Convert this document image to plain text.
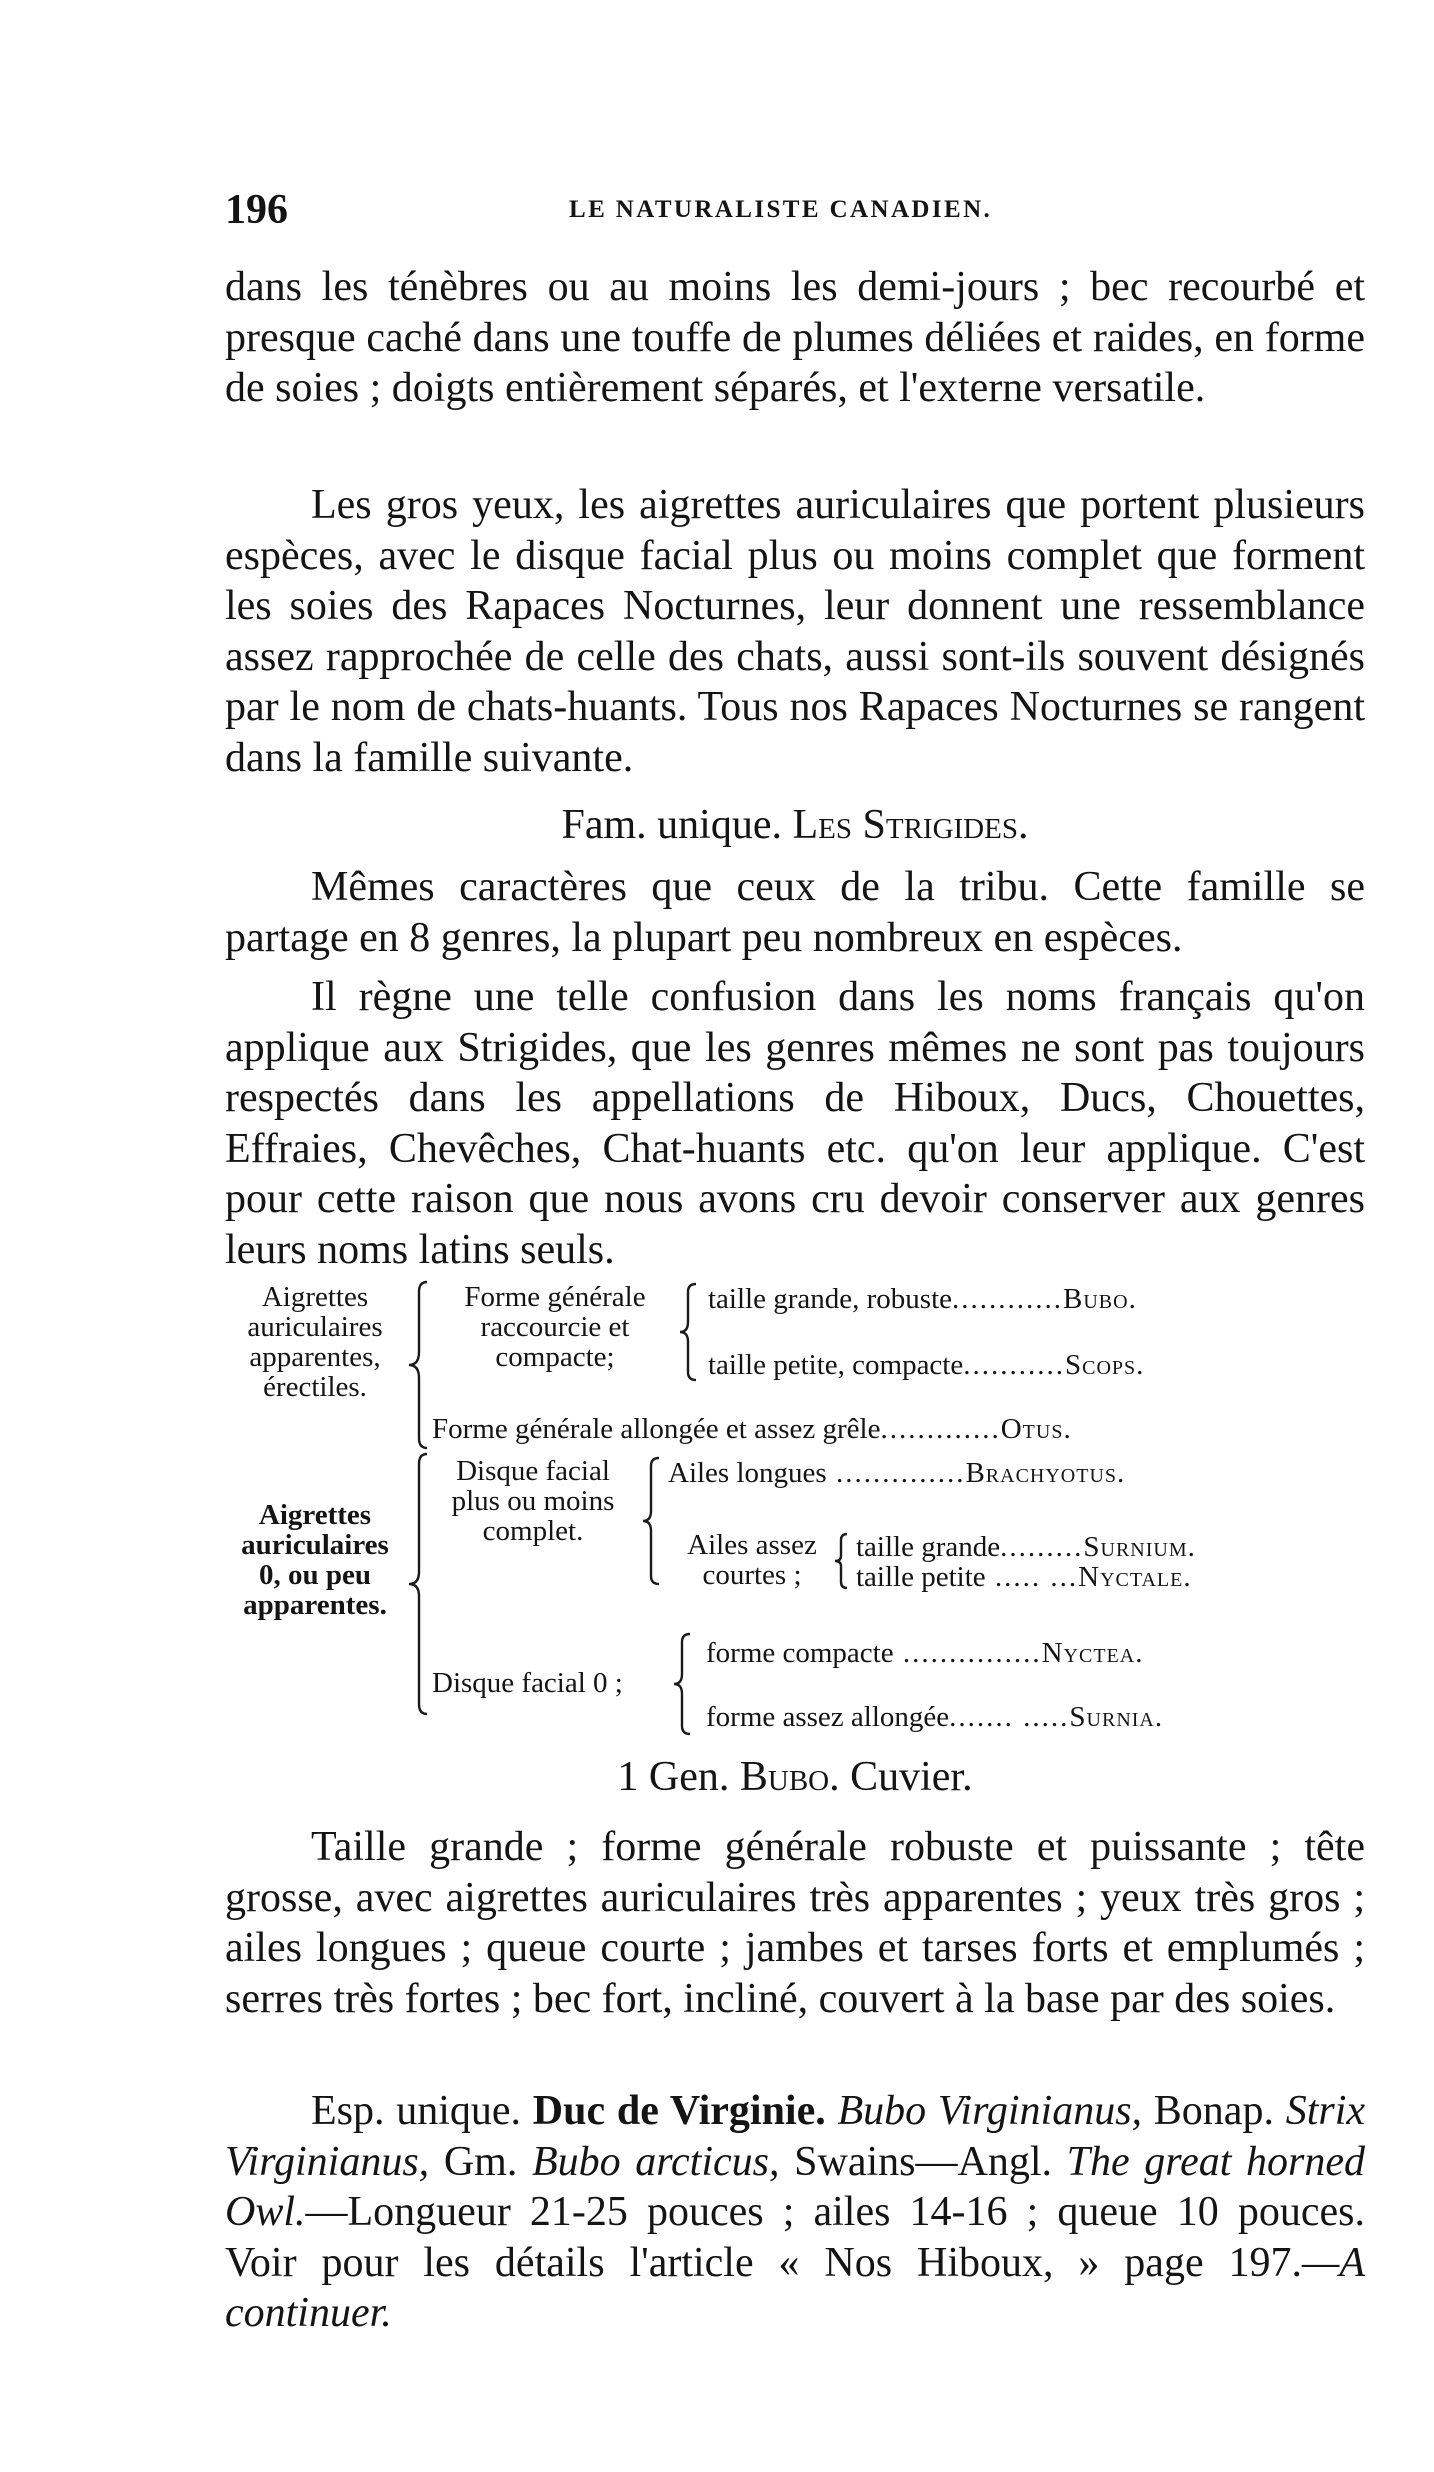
196	LE NATURALISTE CANADIEN.

dans les ténèbres ou au moins les demi-jours ; bec recourbé et presque caché dans une touffe de plumes déliées et raides, en forme de soies ; doigts entièrement séparés, et l'externe versatile.

Les gros yeux, les aigrettes auriculaires que portent plusieurs espèces, avec le disque facial plus ou moins complet que forment les soies des Rapaces Nocturnes, leur donnent une ressemblance assez rapprochée de celle des chats, aussi sont-ils souvent désignés par le nom de chats-huants. Tous nos Rapaces Nocturnes se rangent dans la famille suivante.

Fam. unique. Les Strigides.

Mêmes caractères que ceux de la tribu. Cette famille se partage en 8 genres, la plupart peu nombreux en espèces.

Il règne une telle confusion dans les noms français qu'on applique aux Strigides, que les genres mêmes ne sont pas toujours respectés dans les appellations de Hiboux, Ducs, Chouettes, Effraies, Chevêches, Chat-huants etc. qu'on leur applique. C'est pour cette raison que nous avons cru devoir conserver aux genres leurs noms latins seuls.

Aigrettes
auriculaires
apparentes,
érectiles.
Forme générale
raccourcie et
compacte;
taille grande, robuste............Bubo.
taille petite, compacte...........Scops.
Forme générale allongée et assez grêle.............Otus.
Aigrettes
auriculaires
0, ou peu
apparentes.
Disque facial
plus ou moins
complet.
Ailes longues ..............Brachyotus.
Ailes assez
courtes ;
taille grande.........Surnium.
taille petite ..... ...Nyctale.
Disque facial 0 ;
forme compacte ...............Nyctea.
forme assez allongée....... .....Surnia.

1 Gen. Bubo. Cuvier.

Taille grande ; forme générale robuste et puissante ; tête grosse, avec aigrettes auriculaires très apparentes ; yeux très gros ; ailes longues ; queue courte ; jambes et tarses forts et emplumés ; serres très fortes ; bec fort, incliné, couvert à la base par des soies.

Esp. unique. Duc de Virginie. Bubo Virginianus, Bonap. Strix Virginianus, Gm. Bubo arcticus, Swains—Angl. The great horned Owl.—Longueur 21-25 pouces ; ailes 14-16 ; queue 10 pouces. Voir pour les détails l'article « Nos Hiboux, » page 197.—A continuer.
